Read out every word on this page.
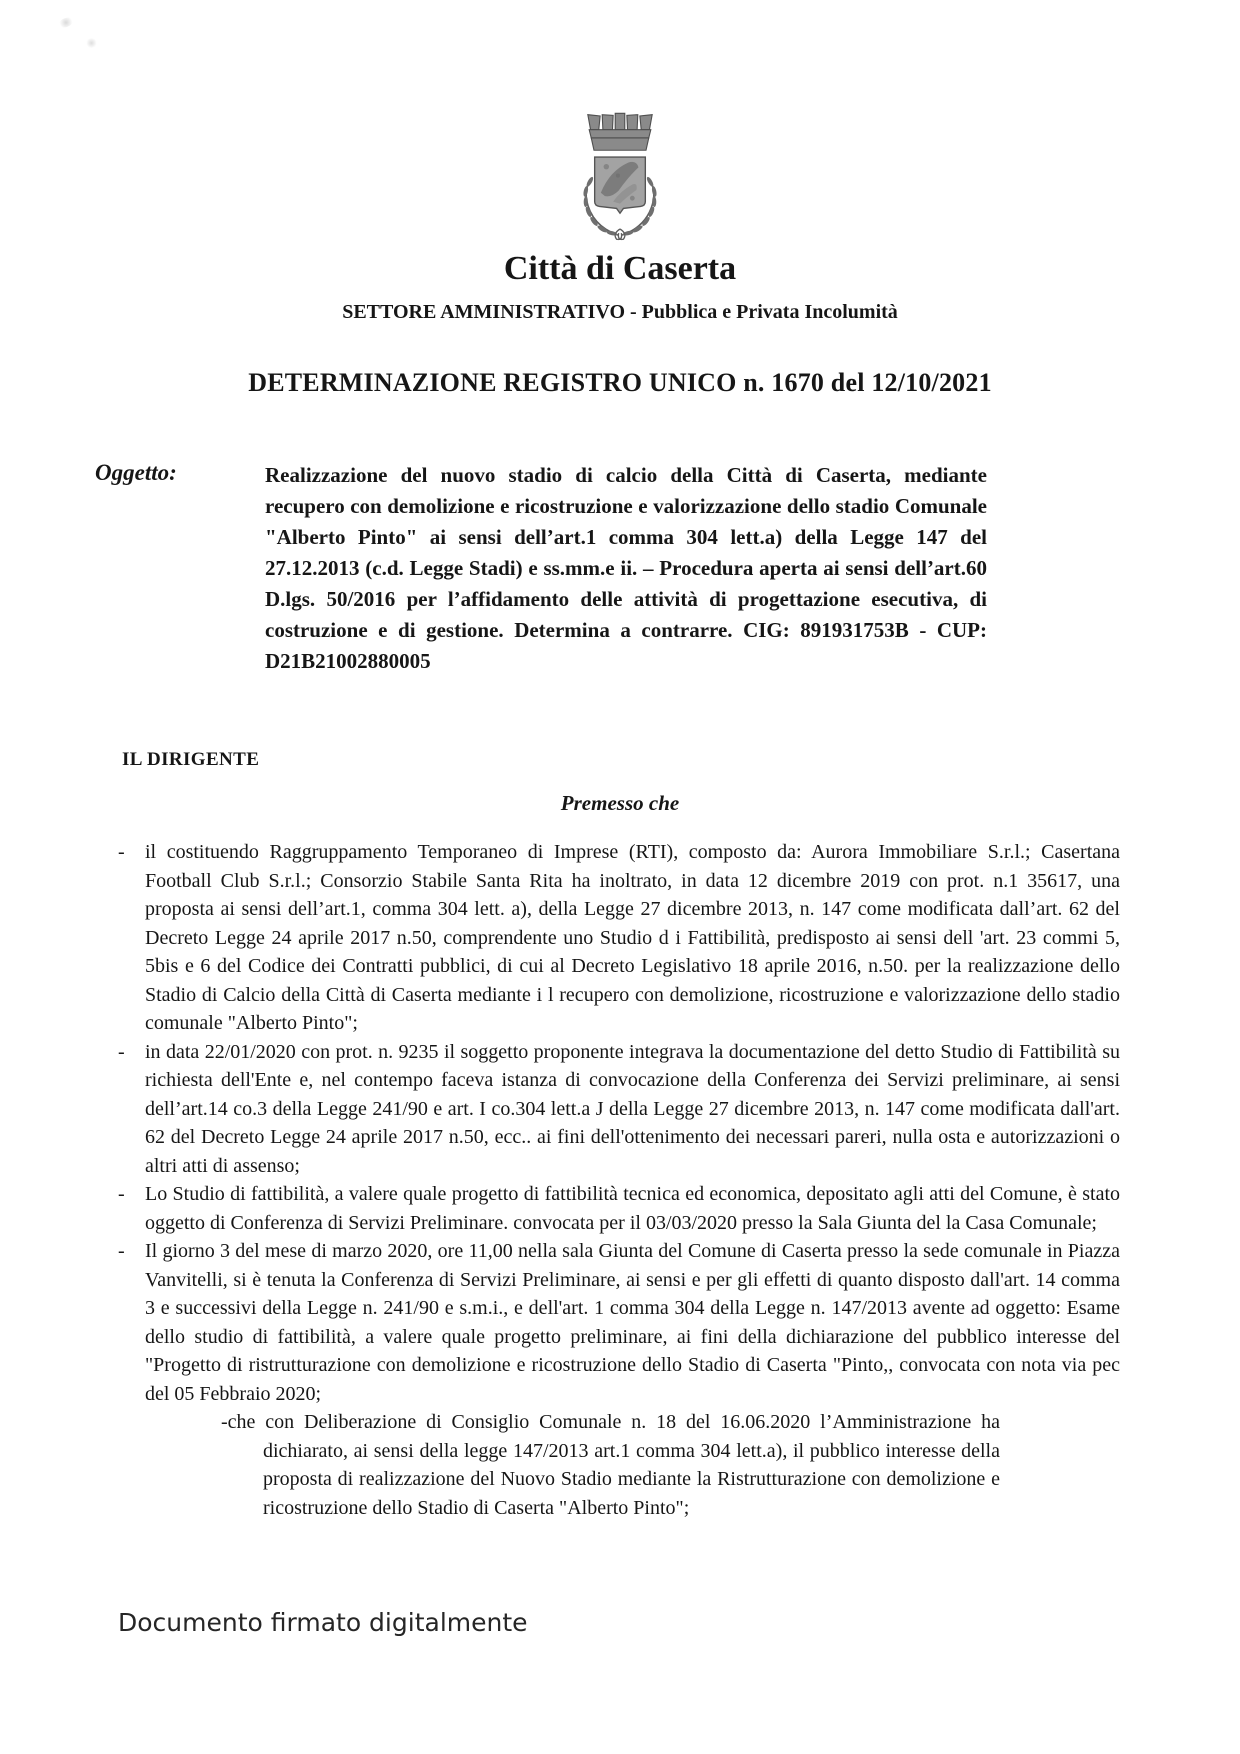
Città di Caserta
SETTORE AMMINISTRATIVO - Pubblica e Privata Incolumità
DETERMINAZIONE REGISTRO UNICO n. 1670 del 12/10/2021
Oggetto:	Realizzazione del nuovo stadio di calcio della Città di Caserta, mediante recupero con demolizione e ricostruzione e valorizzazione dello stadio Comunale "Alberto Pinto" ai sensi dell’art.1 comma 304 lett.a) della Legge 147 del 27.12.2013 (c.d. Legge Stadi) e ss.mm.e ii. – Procedura aperta ai sensi dell’art.60 D.lgs. 50/2016 per l’affidamento delle attività di progettazione esecutiva, di costruzione e di gestione. Determina a contrarre. CIG: 891931753B - CUP: D21B21002880005

IL DIRIGENTE
Premesso che
-	il costituendo Raggruppamento Temporaneo di Imprese (RTI), composto da: Aurora Immobiliare S.r.l.; Casertana Football Club S.r.l.; Consorzio Stabile Santa Rita ha inoltrato, in data 12 dicembre 2019 con prot. n.1 35617, una proposta ai sensi dell’art.1, comma 304 lett. a), della Legge 27 dicembre 2013, n. 147 come modificata dall’art. 62 del Decreto Legge 24 aprile 2017 n.50, comprendente uno Studio d i Fattibilità, predisposto ai sensi dell 'art. 23 commi 5, 5bis e 6 del Codice dei Contratti pubblici, di cui al Decreto Legislativo 18 aprile 2016, n.50. per la realizzazione dello Stadio di Calcio della Città di Caserta mediante i l recupero con demolizione, ricostruzione e valorizzazione dello stadio comunale "Alberto Pinto";

-	in data 22/01/2020 con prot. n. 9235 il soggetto proponente integrava la documentazione del detto Studio di Fattibilità su richiesta dell'Ente e, nel contempo faceva istanza di convocazione della Conferenza dei Servizi preliminare, ai sensi dell’art.14 co.3 della Legge 241/90 e art. I co.304 lett.a J della Legge 27 dicembre 2013, n. 147 come modificata dall'art. 62 del Decreto Legge 24 aprile 2017 n.50, ecc.. ai fini dell'ottenimento dei necessari pareri, nulla osta e autorizzazioni o altri atti di assenso;

-	Lo Studio di fattibilità, a valere quale progetto di fattibilità tecnica ed economica, depositato agli atti del Comune, è stato oggetto di Conferenza di Servizi Preliminare. convocata per il 03/03/2020 presso la Sala Giunta del la Casa Comunale;

-	Il giorno 3 del mese di marzo 2020, ore 11,00 nella sala Giunta del Comune di Caserta presso la sede comunale in Piazza Vanvitelli, si è tenuta la Conferenza di Servizi Preliminare, ai sensi e per gli effetti di quanto disposto dall'art. 14 comma 3 e successivi della Legge n. 241/90 e s.m.i., e dell'art. 1 comma 304 della Legge n. 147/2013 avente ad oggetto: Esame dello studio di fattibilità, a valere quale progetto preliminare, ai fini della dichiarazione del pubblico interesse del "Progetto di ristrutturazione con demolizione e ricostruzione dello Stadio di Caserta "Pinto,, convocata con nota via pec del 05 Febbraio 2020;

-che con Deliberazione di Consiglio Comunale n. 18 del 16.06.2020 l’Amministrazione ha dichiarato, ai sensi della legge 147/2013 art.1 comma 304 lett.a), il pubblico interesse della proposta di realizzazione del Nuovo Stadio mediante la Ristrutturazione con demolizione e ricostruzione dello Stadio di Caserta "Alberto Pinto";

Documento firmato digitalmente
